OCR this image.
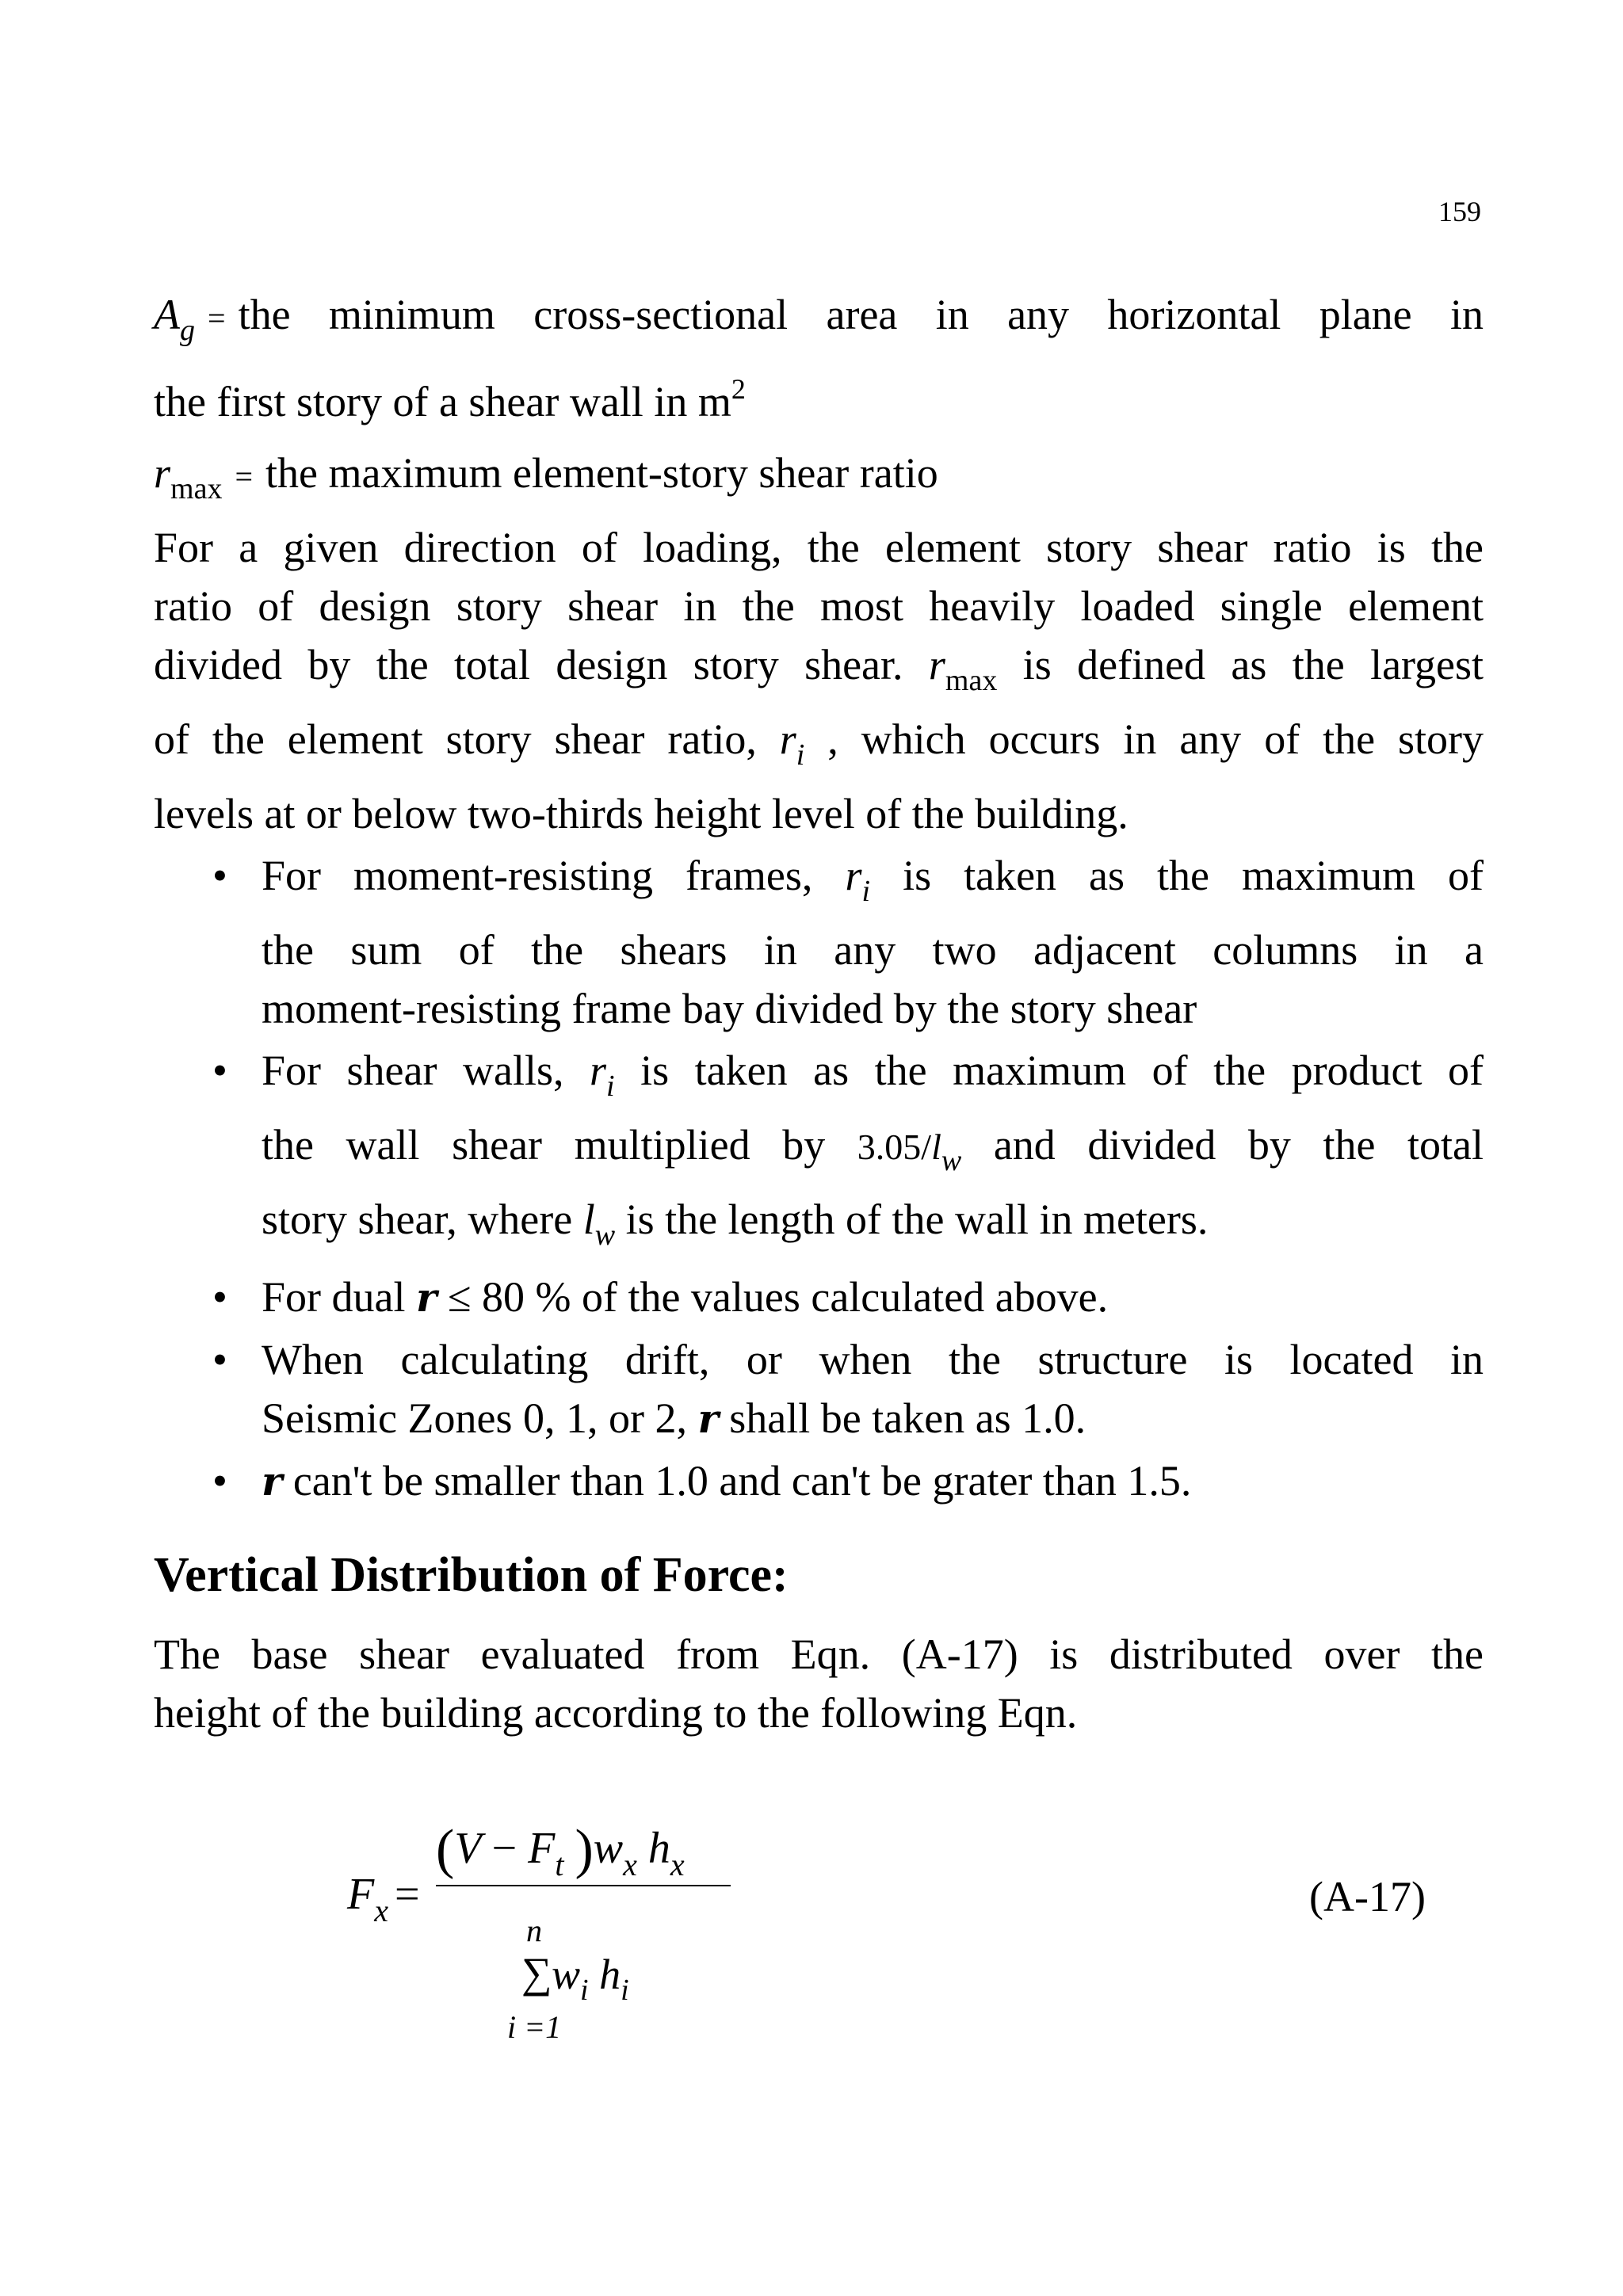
159

$A_g$ = the minimum cross-sectional area in any horizontal plane in

the first story of a shear wall in $m^2$

$r_{max}$ = the maximum element-story shear ratio

For a given direction of loading, the element story shear ratio is the

ratio of design story shear in the most heavily loaded single element

divided by the total design story shear. $r_{max}$ is defined as the largest

of the element story shear ratio, $r_i$ , which occurs in any of the story

levels at or below two-thirds height level of the building.

• For moment-resisting frames, $r_i$ is taken as the maximum of
the sum of the shears in any two adjacent columns in a
moment-resisting frame bay divided by the story shear
• For shear walls, $r_i$ is taken as the maximum of the product of
the wall shear multiplied by $3.05/l_w$ and divided by the total
story shear, where $l_w$ is the length of the wall in meters.
• For dual r ≤ 80 % of the values calculated above.
• When calculating drift, or when the structure is located in
Seismic Zones 0, 1, or 2, r shall be taken as 1.0.
• r can't be smaller than 1.0 and can't be grater than 1.5.
Vertical Distribution of Force:

The base shear evaluated from Eqn. (A-17) is distributed over the

height of the building according to the following Eqn.

$F_x$ =
($V - F_t$ )$w_x$ $h_x$
n
∑ $w_i$ $h_i$
i =1
(A-17)
